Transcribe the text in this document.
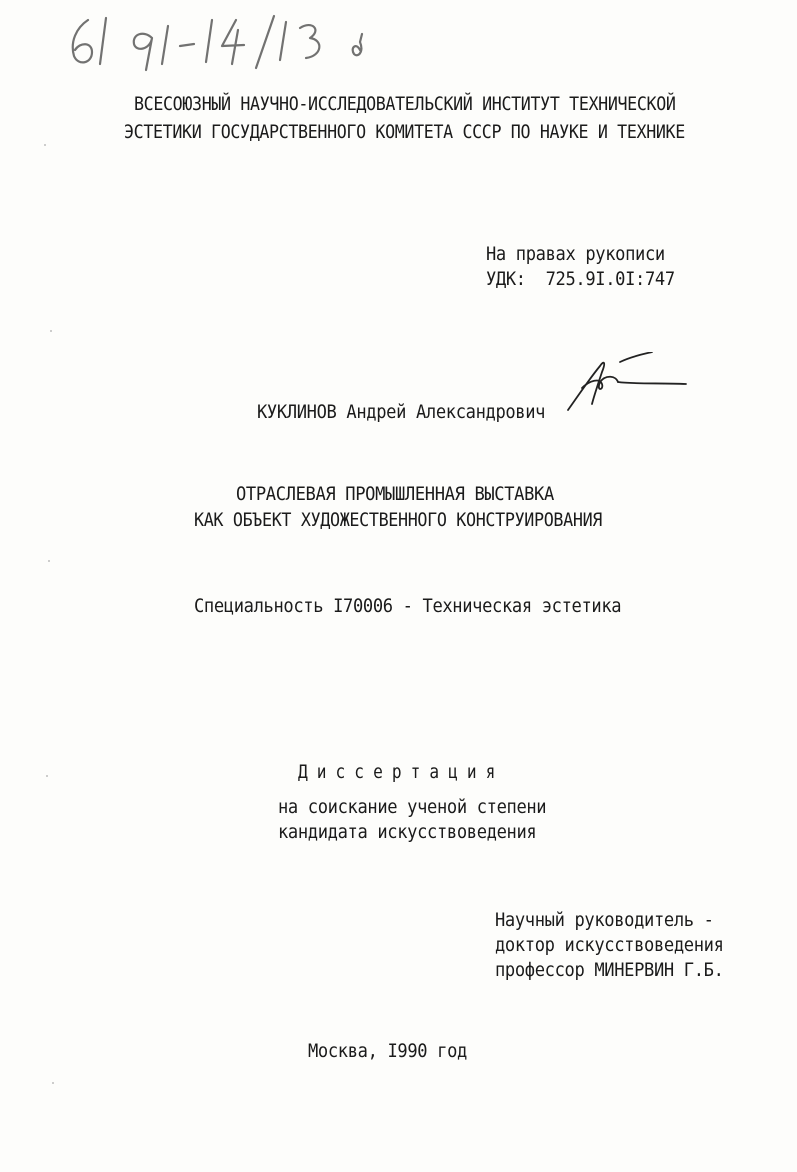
ВСЕСОЮЗНЫЙ НАУЧНО-ИССЛЕДОВАТЕЛЬСКИЙ ИНСТИТУТ ТЕХНИЧЕСКОЙ

ЭСТЕТИКИ ГОСУДАРСТВЕННОГО КОМИТЕТА СССР ПО НАУКЕ И ТЕХНИКЕ

На правах рукописи

УДК:  725.9I.0I:747

КУКЛИНОВ Андрей Александрович

ОТРАСЛЕВАЯ ПРОМЫШЛЕННАЯ ВЫСТАВКА

КАК ОБЪЕКТ ХУДОЖЕСТВЕННОГО КОНСТРУИРОВАНИЯ

Специальность I70006 - Техническая эстетика

Д и с с е р т а ц и я

на соискание ученой степени

кандидата искусствоведения

Научный руководитель -

доктор искусствоведения

профессор МИНЕРВИН Г.Б.

Москва, I990 год
